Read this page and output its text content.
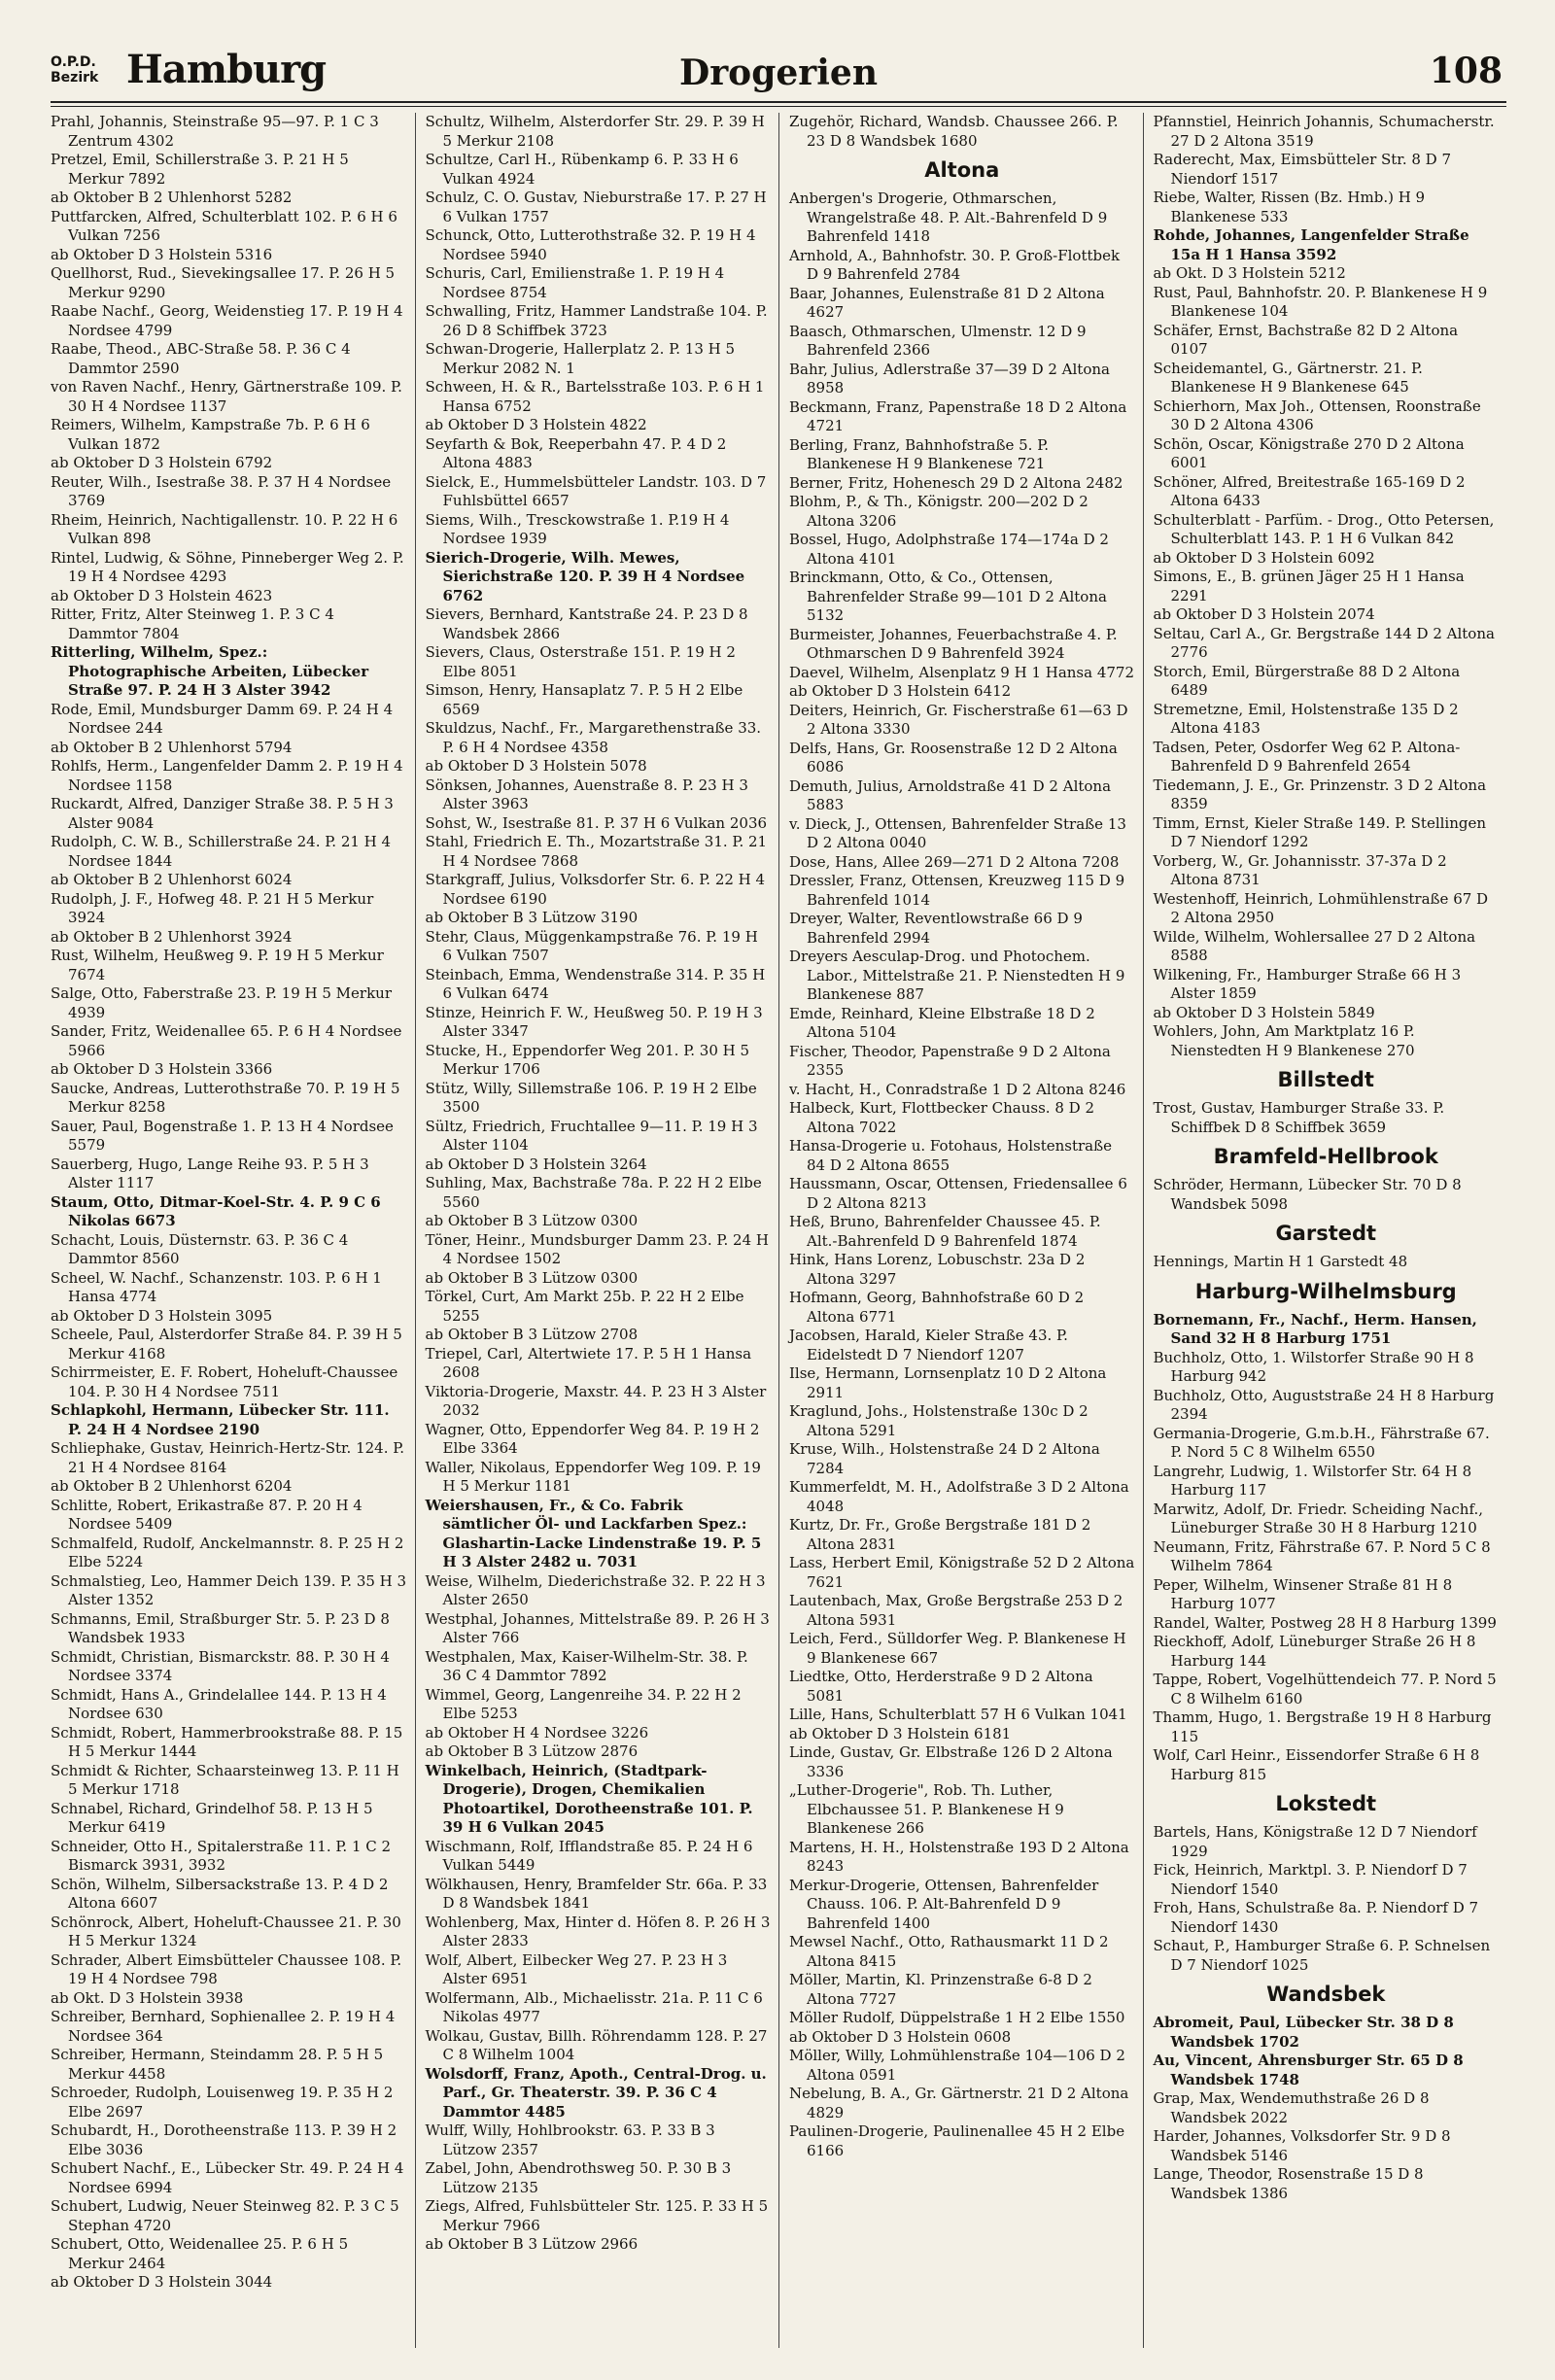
O.P.D.
Bezirk Hamburg	Drogerien	108
Prahl, Johannis, Steinstraße 95—97. P. 1 C 3 Zentrum 4302
Pretzel, Emil, Schillerstraße 3. P. 21 H 5 Merkur 7892
ab Oktober B 2 Uhlenhorst 5282
Puttfarcken, Alfred, Schulterblatt 102. P. 6 H 6 Vulkan 7256
ab Oktober D 3 Holstein 5316
Quellhorst, Rud., Sievekingsallee 17. P. 26 H 5 Merkur 9290
Raabe Nachf., Georg, Weidenstieg 17. P. 19 H 4 Nordsee 4799
Raabe, Theod., ABC-Straße 58. P. 36 C 4 Dammtor 2590
von Raven Nachf., Henry, Gärtnerstraße 109. P. 30 H 4 Nordsee 1137
Reimers, Wilhelm, Kampstraße 7b. P. 6 H 6 Vulkan 1872
ab Oktober D 3 Holstein 6792
Reuter, Wilh., Isestraße 38. P. 37 H 4 Nordsee 3769
Rheim, Heinrich, Nachtigallenstr. 10. P. 22 H 6 Vulkan 898
Rintel, Ludwig, & Söhne, Pinneberger Weg 2. P. 19 H 4 Nordsee 4293
ab Oktober D 3 Holstein 4623
Ritter, Fritz, Alter Steinweg 1. P. 3 C 4 Dammtor 7804
Ritterling, Wilhelm, Spez.: Photographische Arbeiten, Lübecker Straße 97. P. 24 H 3 Alster 3942
Rode, Emil, Mundsburger Damm 69. P. 24 H 4 Nordsee 244
ab Oktober B 2 Uhlenhorst 5794
Rohlfs, Herm., Langenfelder Damm 2. P. 19 H 4 Nordsee 1158
Ruckardt, Alfred, Danziger Straße 38. P. 5 H 3 Alster 9084
Rudolph, C. W. B., Schillerstraße 24. P. 21 H 4 Nordsee 1844
ab Oktober B 2 Uhlenhorst 6024
Rudolph, J. F., Hofweg 48. P. 21 H 5 Merkur 3924
ab Oktober B 2 Uhlenhorst 3924
Rust, Wilhelm, Heußweg 9. P. 19 H 5 Merkur 7674
Salge, Otto, Faberstraße 23. P. 19 H 5 Merkur 4939
Sander, Fritz, Weidenallee 65. P. 6 H 4 Nordsee 5966
ab Oktober D 3 Holstein 3366
Saucke, Andreas, Lutterothstraße 70. P. 19 H 5 Merkur 8258
Sauer, Paul, Bogenstraße 1. P. 13 H 4 Nordsee 5579
Sauerberg, Hugo, Lange Reihe 93. P. 5 H 3 Alster 1117
Staum, Otto, Ditmar-Koel-Str. 4. P. 9 C 6 Nikolas 6673
Schacht, Louis, Düsternstr. 63. P. 36 C 4 Dammtor 8560
Scheel, W. Nachf., Schanzenstr. 103. P. 6 H 1 Hansa 4774
ab Oktober D 3 Holstein 3095
Scheele, Paul, Alsterdorfer Straße 84. P. 39 H 5 Merkur 4168
Schirrmeister, E. F. Robert, Hoheluft-Chaussee 104. P. 30 H 4 Nordsee 7511
Schlapkohl, Hermann, Lübecker Str. 111. P. 24 H 4 Nordsee 2190
Schliephake, Gustav, Heinrich-Hertz-Str. 124. P. 21 H 4 Nordsee 8164
ab Oktober B 2 Uhlenhorst 6204
Schlitte, Robert, Erikastraße 87. P. 20 H 4 Nordsee 5409
Schmalfeld, Rudolf, Anckelmannstr. 8. P. 25 H 2 Elbe 5224
Schmalstieg, Leo, Hammer Deich 139. P. 35 H 3 Alster 1352
Schmanns, Emil, Straßburger Str. 5. P. 23 D 8 Wandsbek 1933
Schmidt, Christian, Bismarckstr. 88. P. 30 H 4 Nordsee 3374
Schmidt, Hans A., Grindelallee 144. P. 13 H 4 Nordsee 630
Schmidt, Robert, Hammerbrookstraße 88. P. 15 H 5 Merkur 1444
Schmidt & Richter, Schaarsteinweg 13. P. 11 H 5 Merkur 1718
Schnabel, Richard, Grindelhof 58. P. 13 H 5 Merkur 6419
Schneider, Otto H., Spitalerstraße 11. P. 1 C 2 Bismarck 3931, 3932
Schön, Wilhelm, Silbersackstraße 13. P. 4 D 2 Altona 6607
Schönrock, Albert, Hoheluft-Chaussee 21. P. 30 H 5 Merkur 1324
Schrader, Albert Eimsbütteler Chaussee 108. P. 19 H 4 Nordsee 798
ab Okt. D 3 Holstein 3938
Schreiber, Bernhard, Sophienallee 2. P. 19 H 4 Nordsee 364
Schreiber, Hermann, Steindamm 28. P. 5 H 5 Merkur 4458
Schroeder, Rudolph, Louisenweg 19. P. 35 H 2 Elbe 2697
Schubardt, H., Dorotheenstraße 113. P. 39 H 2 Elbe 3036
Schubert Nachf., E., Lübecker Str. 49. P. 24 H 4 Nordsee 6994
Schubert, Ludwig, Neuer Steinweg 82. P. 3 C 5 Stephan 4720
Schubert, Otto, Weidenallee 25. P. 6 H 5 Merkur 2464
ab Oktober D 3 Holstein 3044
Schultz, Wilhelm, Alsterdorfer Str. 29. P. 39 H 5 Merkur 2108
Schultze, Carl H., Rübenkamp 6. P. 33 H 6 Vulkan 4924
Schulz, C. O. Gustav, Nieburstraße 17. P. 27 H 6 Vulkan 1757
Schunck, Otto, Lutterothstraße 32. P. 19 H 4 Nordsee 5940
Schuris, Carl, Emilienstraße 1. P. 19 H 4 Nordsee 8754
Schwalling, Fritz, Hammer Landstraße 104. P. 26 D 8 Schiffbek 3723
Schwan-Drogerie, Hallerplatz 2. P. 13 H 5 Merkur 2082 N. 1
Schween, H. & R., Bartelsstraße 103. P. 6 H 1 Hansa 6752
ab Oktober D 3 Holstein 4822
Seyfarth & Bok, Reeperbahn 47. P. 4 D 2 Altona 4883
Sielck, E., Hummelsbütteler Landstr. 103. D 7 Fuhlsbüttel 6657
Siems, Wilh., Tresckowstraße 1. P.19 H 4 Nordsee 1939
Sierich-Drogerie, Wilh. Mewes, Sierichstraße 120. P. 39 H 4 Nordsee 6762
Sievers, Bernhard, Kantstraße 24. P. 23 D 8 Wandsbek 2866
Sievers, Claus, Osterstraße 151. P. 19 H 2 Elbe 8051
Simson, Henry, Hansaplatz 7. P. 5 H 2 Elbe 6569
Skuldzus, Nachf., Fr., Margarethenstraße 33. P. 6 H 4 Nordsee 4358
ab Oktober D 3 Holstein 5078
Sönksen, Johannes, Auenstraße 8. P. 23 H 3 Alster 3963
Sohst, W., Isestraße 81. P. 37 H 6 Vulkan 2036
Stahl, Friedrich E. Th., Mozartstraße 31. P. 21 H 4 Nordsee 7868
Starkgraff, Julius, Volksdorfer Str. 6. P. 22 H 4 Nordsee 6190
ab Oktober B 3 Lützow 3190
Stehr, Claus, Müggenkampstraße 76. P. 19 H 6 Vulkan 7507
Steinbach, Emma, Wendenstraße 314. P. 35 H 6 Vulkan 6474
Stinze, Heinrich F. W., Heußweg 50. P. 19 H 3 Alster 3347
Stucke, H., Eppendorfer Weg 201. P. 30 H 5 Merkur 1706
Stütz, Willy, Sillemstraße 106. P. 19 H 2 Elbe 3500
Sültz, Friedrich, Fruchtallee 9—11. P. 19 H 3 Alster 1104
ab Oktober D 3 Holstein 3264
Suhling, Max, Bachstraße 78a. P. 22 H 2 Elbe 5560
ab Oktober B 3 Lützow 0300
Töner, Heinr., Mundsburger Damm 23. P. 24 H 4 Nordsee 1502
ab Oktober B 3 Lützow 0300
Törkel, Curt, Am Markt 25b. P. 22 H 2 Elbe 5255
ab Oktober B 3 Lützow 2708
Triepel, Carl, Altertwiete 17. P. 5 H 1 Hansa 2608
Viktoria-Drogerie, Maxstr. 44. P. 23 H 3 Alster 2032
Wagner, Otto, Eppendorfer Weg 84. P. 19 H 2 Elbe 3364
Waller, Nikolaus, Eppendorfer Weg 109. P. 19 H 5 Merkur 1181
Weiershausen, Fr., & Co. Fabrik sämtlicher Öl- und Lackfarben Spez.: Glashartin-Lacke Lindenstraße 19. P. 5 H 3 Alster 2482 u. 7031
Weise, Wilhelm, Diederichstraße 32. P. 22 H 3 Alster 2650
Westphal, Johannes, Mittelstraße 89. P. 26 H 3 Alster 766
Westphalen, Max, Kaiser-Wilhelm-Str. 38. P. 36 C 4 Dammtor 7892
Wimmel, Georg, Langenreihe 34. P. 22 H 2 Elbe 5253
ab Oktober H 4 Nordsee 3226
ab Oktober B 3 Lützow 2876
Winkelbach, Heinrich, (Stadtpark-Drogerie), Drogen, Chemikalien Photoartikel, Dorotheenstraße 101. P. 39 H 6 Vulkan 2045
Wischmann, Rolf, Ifflandstraße 85. P. 24 H 6 Vulkan 5449
Wölkhausen, Henry, Bramfelder Str. 66a. P. 33 D 8 Wandsbek 1841
Wohlenberg, Max, Hinter d. Höfen 8. P. 26 H 3 Alster 2833
Wolf, Albert, Eilbecker Weg 27. P. 23 H 3 Alster 6951
Wolfermann, Alb., Michaelisstr. 21a. P. 11 C 6 Nikolas 4977
Wolkau, Gustav, Billh. Röhrendamm 128. P. 27 C 8 Wilhelm 1004
Wolsdorff, Franz, Apoth., Central-Drog. u. Parf., Gr. Theaterstr. 39. P. 36 C 4 Dammtor 4485
Wulff, Willy, Hohlbrookstr. 63. P. 33 B 3 Lützow 2357
Zabel, John, Abendrothsweg 50. P. 30 B 3 Lützow 2135
Ziegs, Alfred, Fuhlsbütteler Str. 125. P. 33 H 5 Merkur 7966
ab Oktober B 3 Lützow 2966
Zugehör, Richard, Wandsb. Chaussee 266. P. 23 D 8 Wandsbek 1680
Altona
Anbergen's Drogerie, Othmarschen, Wrangelstraße 48. P. Alt.-Bahrenfeld D 9 Bahrenfeld 1418
Arnhold, A., Bahnhofstr. 30. P. Groß-Flottbek D 9 Bahrenfeld 2784
Baar, Johannes, Eulenstraße 81 D 2 Altona 4627
Baasch, Othmarschen, Ulmenstr. 12 D 9 Bahrenfeld 2366
Bahr, Julius, Adlerstraße 37—39 D 2 Altona 8958
Beckmann, Franz, Papenstraße 18 D 2 Altona 4721
Berling, Franz, Bahnhofstraße 5. P. Blankenese H 9 Blankenese 721
Berner, Fritz, Hohenesch 29 D 2 Altona 2482
Blohm, P., & Th., Königstr. 200—202 D 2 Altona 3206
Bossel, Hugo, Adolphstraße 174—174a D 2 Altona 4101
Brinckmann, Otto, & Co., Ottensen, Bahrenfelder Straße 99—101 D 2 Altona 5132
Burmeister, Johannes, Feuerbachstraße 4. P. Othmarschen D 9 Bahrenfeld 3924
Daevel, Wilhelm, Alsenplatz 9 H 1 Hansa 4772
ab Oktober D 3 Holstein 6412
Deiters, Heinrich, Gr. Fischerstraße 61—63 D 2 Altona 3330
Delfs, Hans, Gr. Roosenstraße 12 D 2 Altona 6086
Demuth, Julius, Arnoldstraße 41 D 2 Altona 5883
v. Dieck, J., Ottensen, Bahrenfelder Straße 13 D 2 Altona 0040
Dose, Hans, Allee 269—271 D 2 Altona 7208
Dressler, Franz, Ottensen, Kreuzweg 115 D 9 Bahrenfeld 1014
Dreyer, Walter, Reventlowstraße 66 D 9 Bahrenfeld 2994
Dreyers Aesculap-Drog. und Photochem. Labor., Mittelstraße 21. P. Nienstedten H 9 Blankenese 887
Emde, Reinhard, Kleine Elbstraße 18 D 2 Altona 5104
Fischer, Theodor, Papenstraße 9 D 2 Altona 2355
v. Hacht, H., Conradstraße 1 D 2 Altona 8246
Halbeck, Kurt, Flottbecker Chauss. 8 D 2 Altona 7022
Hansa-Drogerie u. Fotohaus, Holstenstraße 84 D 2 Altona 8655
Haussmann, Oscar, Ottensen, Friedensallee 6 D 2 Altona 8213
Heß, Bruno, Bahrenfelder Chaussee 45. P. Alt.-Bahrenfeld D 9 Bahrenfeld 1874
Hink, Hans Lorenz, Lobuschstr. 23a D 2 Altona 3297
Hofmann, Georg, Bahnhofstraße 60 D 2 Altona 6771
Jacobsen, Harald, Kieler Straße 43. P. Eidelstedt D 7 Niendorf 1207
Ilse, Hermann, Lornsenplatz 10 D 2 Altona 2911
Kraglund, Johs., Holstenstraße 130c D 2 Altona 5291
Kruse, Wilh., Holstenstraße 24 D 2 Altona 7284
Kummerfeldt, M. H., Adolfstraße 3 D 2 Altona 4048
Kurtz, Dr. Fr., Große Bergstraße 181 D 2 Altona 2831
Lass, Herbert Emil, Königstraße 52 D 2 Altona 7621
Lautenbach, Max, Große Bergstraße 253 D 2 Altona 5931
Leich, Ferd., Sülldorfer Weg. P. Blankenese H 9 Blankenese 667
Liedtke, Otto, Herderstraße 9 D 2 Altona 5081
Lille, Hans, Schulterblatt 57 H 6 Vulkan 1041
ab Oktober D 3 Holstein 6181
Linde, Gustav, Gr. Elbstraße 126 D 2 Altona 3336
„Luther-Drogerie", Rob. Th. Luther, Elbchaussee 51. P. Blankenese H 9 Blankenese 266
Martens, H. H., Holstenstraße 193 D 2 Altona 8243
Merkur-Drogerie, Ottensen, Bahrenfelder Chauss. 106. P. Alt-Bahrenfeld D 9 Bahrenfeld 1400
Mewsel Nachf., Otto, Rathausmarkt 11 D 2 Altona 8415
Möller, Martin, Kl. Prinzenstraße 6-8 D 2 Altona 7727
Möller Rudolf, Düppelstraße 1 H 2 Elbe 1550
ab Oktober D 3 Holstein 0608
Möller, Willy, Lohmühlenstraße 104—106 D 2 Altona 0591
Nebelung, B. A., Gr. Gärtnerstr. 21 D 2 Altona 4829
Paulinen-Drogerie, Paulinenallee 45 H 2 Elbe 6166
Pfannstiel, Heinrich Johannis, Schumacherstr. 27 D 2 Altona 3519
Raderecht, Max, Eimsbütteler Str. 8 D 7 Niendorf 1517
Riebe, Walter, Rissen (Bz. Hmb.) H 9 Blankenese 533
Rohde, Johannes, Langenfelder Straße 15a H 1 Hansa 3592
ab Okt. D 3 Holstein 5212
Rust, Paul, Bahnhofstr. 20. P. Blankenese H 9 Blankenese 104
Schäfer, Ernst, Bachstraße 82 D 2 Altona 0107
Scheidemantel, G., Gärtnerstr. 21. P. Blankenese H 9 Blankenese 645
Schierhorn, Max Joh., Ottensen, Roonstraße 30 D 2 Altona 4306
Schön, Oscar, Königstraße 270 D 2 Altona 6001
Schöner, Alfred, Breitestraße 165-169 D 2 Altona 6433
Schulterblatt - Parfüm. - Drog., Otto Petersen, Schulterblatt 143. P. 1 H 6 Vulkan 842
ab Oktober D 3 Holstein 6092
Simons, E., B. grünen Jäger 25 H 1 Hansa 2291
ab Oktober D 3 Holstein 2074
Seltau, Carl A., Gr. Bergstraße 144 D 2 Altona 2776
Storch, Emil, Bürgerstraße 88 D 2 Altona 6489
Stremetzne, Emil, Holstenstraße 135 D 2 Altona 4183
Tadsen, Peter, Osdorfer Weg 62 P. Altona-Bahrenfeld D 9 Bahrenfeld 2654
Tiedemann, J. E., Gr. Prinzenstr. 3 D 2 Altona 8359
Timm, Ernst, Kieler Straße 149. P. Stellingen D 7 Niendorf 1292
Vorberg, W., Gr. Johannisstr. 37-37a D 2 Altona 8731
Westenhoff, Heinrich, Lohmühlenstraße 67 D 2 Altona 2950
Wilde, Wilhelm, Wohlersallee 27 D 2 Altona 8588
Wilkening, Fr., Hamburger Straße 66 H 3 Alster 1859
ab Oktober D 3 Holstein 5849
Wohlers, John, Am Marktplatz 16 P. Nienstedten H 9 Blankenese 270
Billstedt
Trost, Gustav, Hamburger Straße 33. P. Schiffbek D 8 Schiffbek 3659
Bramfeld-Hellbrook
Schröder, Hermann, Lübecker Str. 70 D 8 Wandsbek 5098
Garstedt
Hennings, Martin H 1 Garstedt 48
Harburg-Wilhelmsburg
Bornemann, Fr., Nachf., Herm. Hansen, Sand 32 H 8 Harburg 1751
Buchholz, Otto, 1. Wilstorfer Straße 90 H 8 Harburg 942
Buchholz, Otto, Auguststraße 24 H 8 Harburg 2394
Germania-Drogerie, G.m.b.H., Fährstraße 67. P. Nord 5 C 8 Wilhelm 6550
Langrehr, Ludwig, 1. Wilstorfer Str. 64 H 8 Harburg 117
Marwitz, Adolf, Dr. Friedr. Scheiding Nachf., Lüneburger Straße 30 H 8 Harburg 1210
Neumann, Fritz, Fährstraße 67. P. Nord 5 C 8 Wilhelm 7864
Peper, Wilhelm, Winsener Straße 81 H 8 Harburg 1077
Randel, Walter, Postweg 28 H 8 Harburg 1399
Rieckhoff, Adolf, Lüneburger Straße 26 H 8 Harburg 144
Tappe, Robert, Vogelhüttendeich 77. P. Nord 5 C 8 Wilhelm 6160
Thamm, Hugo, 1. Bergstraße 19 H 8 Harburg 115
Wolf, Carl Heinr., Eissendorfer Straße 6 H 8 Harburg 815
Lokstedt
Bartels, Hans, Königstraße 12 D 7 Niendorf 1929
Fick, Heinrich, Marktpl. 3. P. Niendorf D 7 Niendorf 1540
Froh, Hans, Schulstraße 8a. P. Niendorf D 7 Niendorf 1430
Schaut, P., Hamburger Straße 6. P. Schnelsen D 7 Niendorf 1025
Wandsbek
Abromeit, Paul, Lübecker Str. 38 D 8 Wandsbek 1702
Au, Vincent, Ahrensburger Str. 65 D 8 Wandsbek 1748
Grap, Max, Wendemuthstraße 26 D 8 Wandsbek 2022
Harder, Johannes, Volksdorfer Str. 9 D 8 Wandsbek 5146
Lange, Theodor, Rosenstraße 15 D 8 Wandsbek 1386
